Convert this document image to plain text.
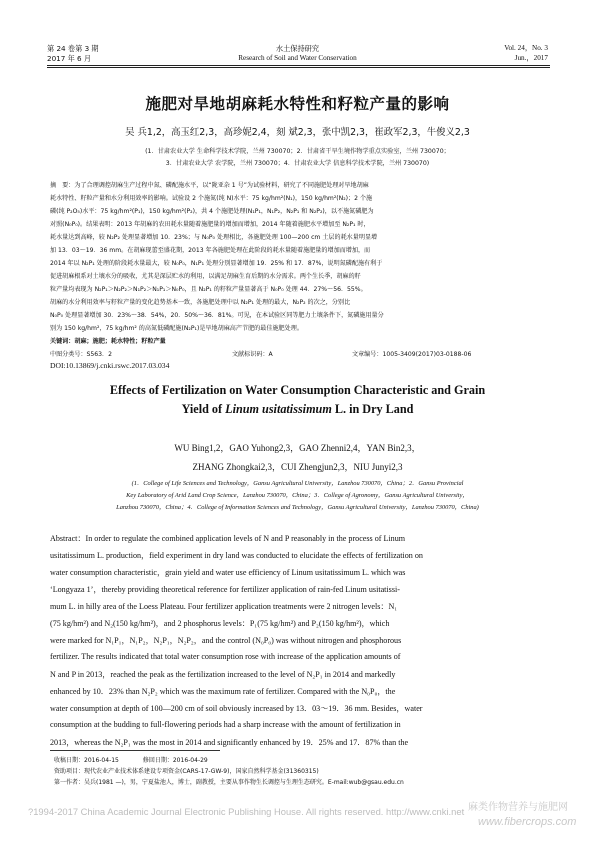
第 24 卷第 3 期
2017 年 6 月
水土保持研究
Research of Soil and Water Conservation
Vol. 24，No. 3
Jun.，2017
施肥对旱地胡麻耗水特性和籽粒产量的影响
吴 兵1,2，高玉红2,3，高珍妮2,4，刻 斌2,3，张中凯2,3，崔政军2,3，牛俊义2,3
(1．甘肃农业大学 生命科学技术学院，兰州 730070；2．甘肃省干旱生境作物学重点实验室，兰州 730070；
3．甘肃农业大学 农学院，兰州 730070；4．甘肃农业大学 信息科学技术学院，兰州 730070)
摘　要：为了合理调控胡麻生产过程中氮、磷配施水平，以“陇亚杂 1 号”为试验材料，研究了不同施肥处理对旱地胡麻
耗水特性、籽粒产量和水分利用效率的影响。试验设 2 个施氮(纯 N)水平：75 kg/hm²(N₁)，150 kg/hm²(N₂)；2 个施
磷(纯 P₂O₅)水平：75 kg/hm²(P₁)，150 kg/hm²(P₂)，共 4 个施肥处理(N₁P₁，N₁P₂，N₂P₁ 和 N₂P₂)，以不施氮磷肥为
对照(N₀P₀)。结果表明：2013 年胡麻的农田耗水量随着施肥量的增加而增加，2014 年随着施肥水平增加至 N₂P₁ 时，
耗水量达到高峰，较 N₂P₂ 处理显著增加 10．23%；与 N₀P₀ 处理相比，各施肥处理 100—200 cm 土层的耗水量明显增
加 13．03～19．36 mm。在胡麻现蕾至盛花期，2013 年各施肥处理在此阶段的耗水量随着施肥量的增加而增加，而
2014 年以 N₂P₁ 处理的阶段耗水量最大，较 N₀P₀，N₁P₁ 处理分别显著增加 19．25% 和 17．87%，说明氮磷配施有利于
促进胡麻根系对土壤水分的吸收，尤其是深层贮水的利用，以满足胡麻生育后期的水分需求。两个生长季，胡麻的籽
粒产量均表现为 N₂P₁＞N₂P₂＞N₁P₂＞N₁P₁＞N₀P₀，且 N₂P₁ 的籽粒产量显著高于 N₀P₀ 处理 44．27%～56．55%。
胡麻的水分利用效率与籽粒产量的变化趋势基本一致，各施肥处理中以 N₂P₁ 处理的最大，N₂P₂ 的次之，分别比
N₀P₀ 处理显著增加 30．23%～38．54%，20．50%～36．81%。可见，在本试验区同等肥力土壤条件下，氮磷施用量分
别为 150 kg/hm²，75 kg/hm² 的高氮低磷配施(N₂P₁)是旱地胡麻高产节肥的最佳施肥处理。
关键词：胡麻；施肥；耗水特性；籽粒产量
中图分类号：S563．2	文献标识码：A	文章编号：1005-3409(2017)03-0188-06
DOI:10.13869/j.cnki.rswc.2017.03.034
Effects of Fertilization on Water Consumption Characteristic and Grain
Yield of Linum usitatissimum L. in Dry Land
WU Bing1,2，GAO Yuhong2,3，GAO Zhenni2,4，YAN Bin2,3，
ZHANG Zhongkai2,3，CUI Zhengjun2,3，NIU Junyi2,3
(1．College of Life Sciences and Technology，Gansu Agricultural University，Lanzhou 730070，China；2．Gansu Provincial
Key Laboratory of Arid Land Crop Science，Lanzhou 730070，China；3．College of Agronomy，Gansu Agricultural University，
Lanzhou 730070，China；4．College of Information Sciences and Technology，Gansu Agricultural University，Lanzhou 730070，China)
Abstract：In order to regulate the combined application levels of N and P reasonably in the process of Linum
usitatissimum L. production，field experiment in dry land was conducted to elucidate the effects of fertilization on
water consumption characteristic，grain yield and water use efficiency of Linum usitatissimum L. which was
‘Longyaza 1’，thereby providing theoretical reference for fertilizer application of rain-fed Linum usitatissi-
mum L. in hilly area of the Loess Plateau. Four fertilizer application treatments were 2 nitrogen levels：N₁
(75 kg/hm²) and N₂(150 kg/hm²)，and 2 phosphorus levels：P₁(75 kg/hm²) and P₂(150 kg/hm²)，which
were marked for N₁P₁，N₁P₂，N₂P₁，N₂P₂，and the control (N₀P₀) was without nitrogen and phosphorous
fertilizer. The results indicated that total water consumption rose with increase of the application amounts of
N and P in 2013，reached the peak as the fertilization increased to the level of N₂P₁ in 2014 and markedly
enhanced by 10．23% than N₂P₂ which was the maximum rate of fertilizer. Compared with the N₀P₀，the
water consumption at depth of 100—200 cm of soil obviously increased by 13．03～19．36 mm. Besides，water
consumption at the budding to full-flowering periods had a sharp increase with the amount of fertilization in
2013，whereas the N₂P₁ was the most in 2014 and significantly enhanced by 19．25% and 17．87% than the
收稿日期：2016-04-15　　　　修回日期：2016-04-29
资助项目：现代农业产业技术体系建设专项资金(CARS-17-GW-9)，国家自然科学基金(31360315)
第一作者：吴兵(1981 —)，男，宁夏盐池人，博士，副教授，主要从事作物生长调控与生理生态研究。E-mail:wub@gsau.edu.cn
?1994-2017 China Academic Journal Electronic Publishing House. All rights reserved. http://www.cnki.net 麻类作物营养与施肥网
www.fibercrops.com
